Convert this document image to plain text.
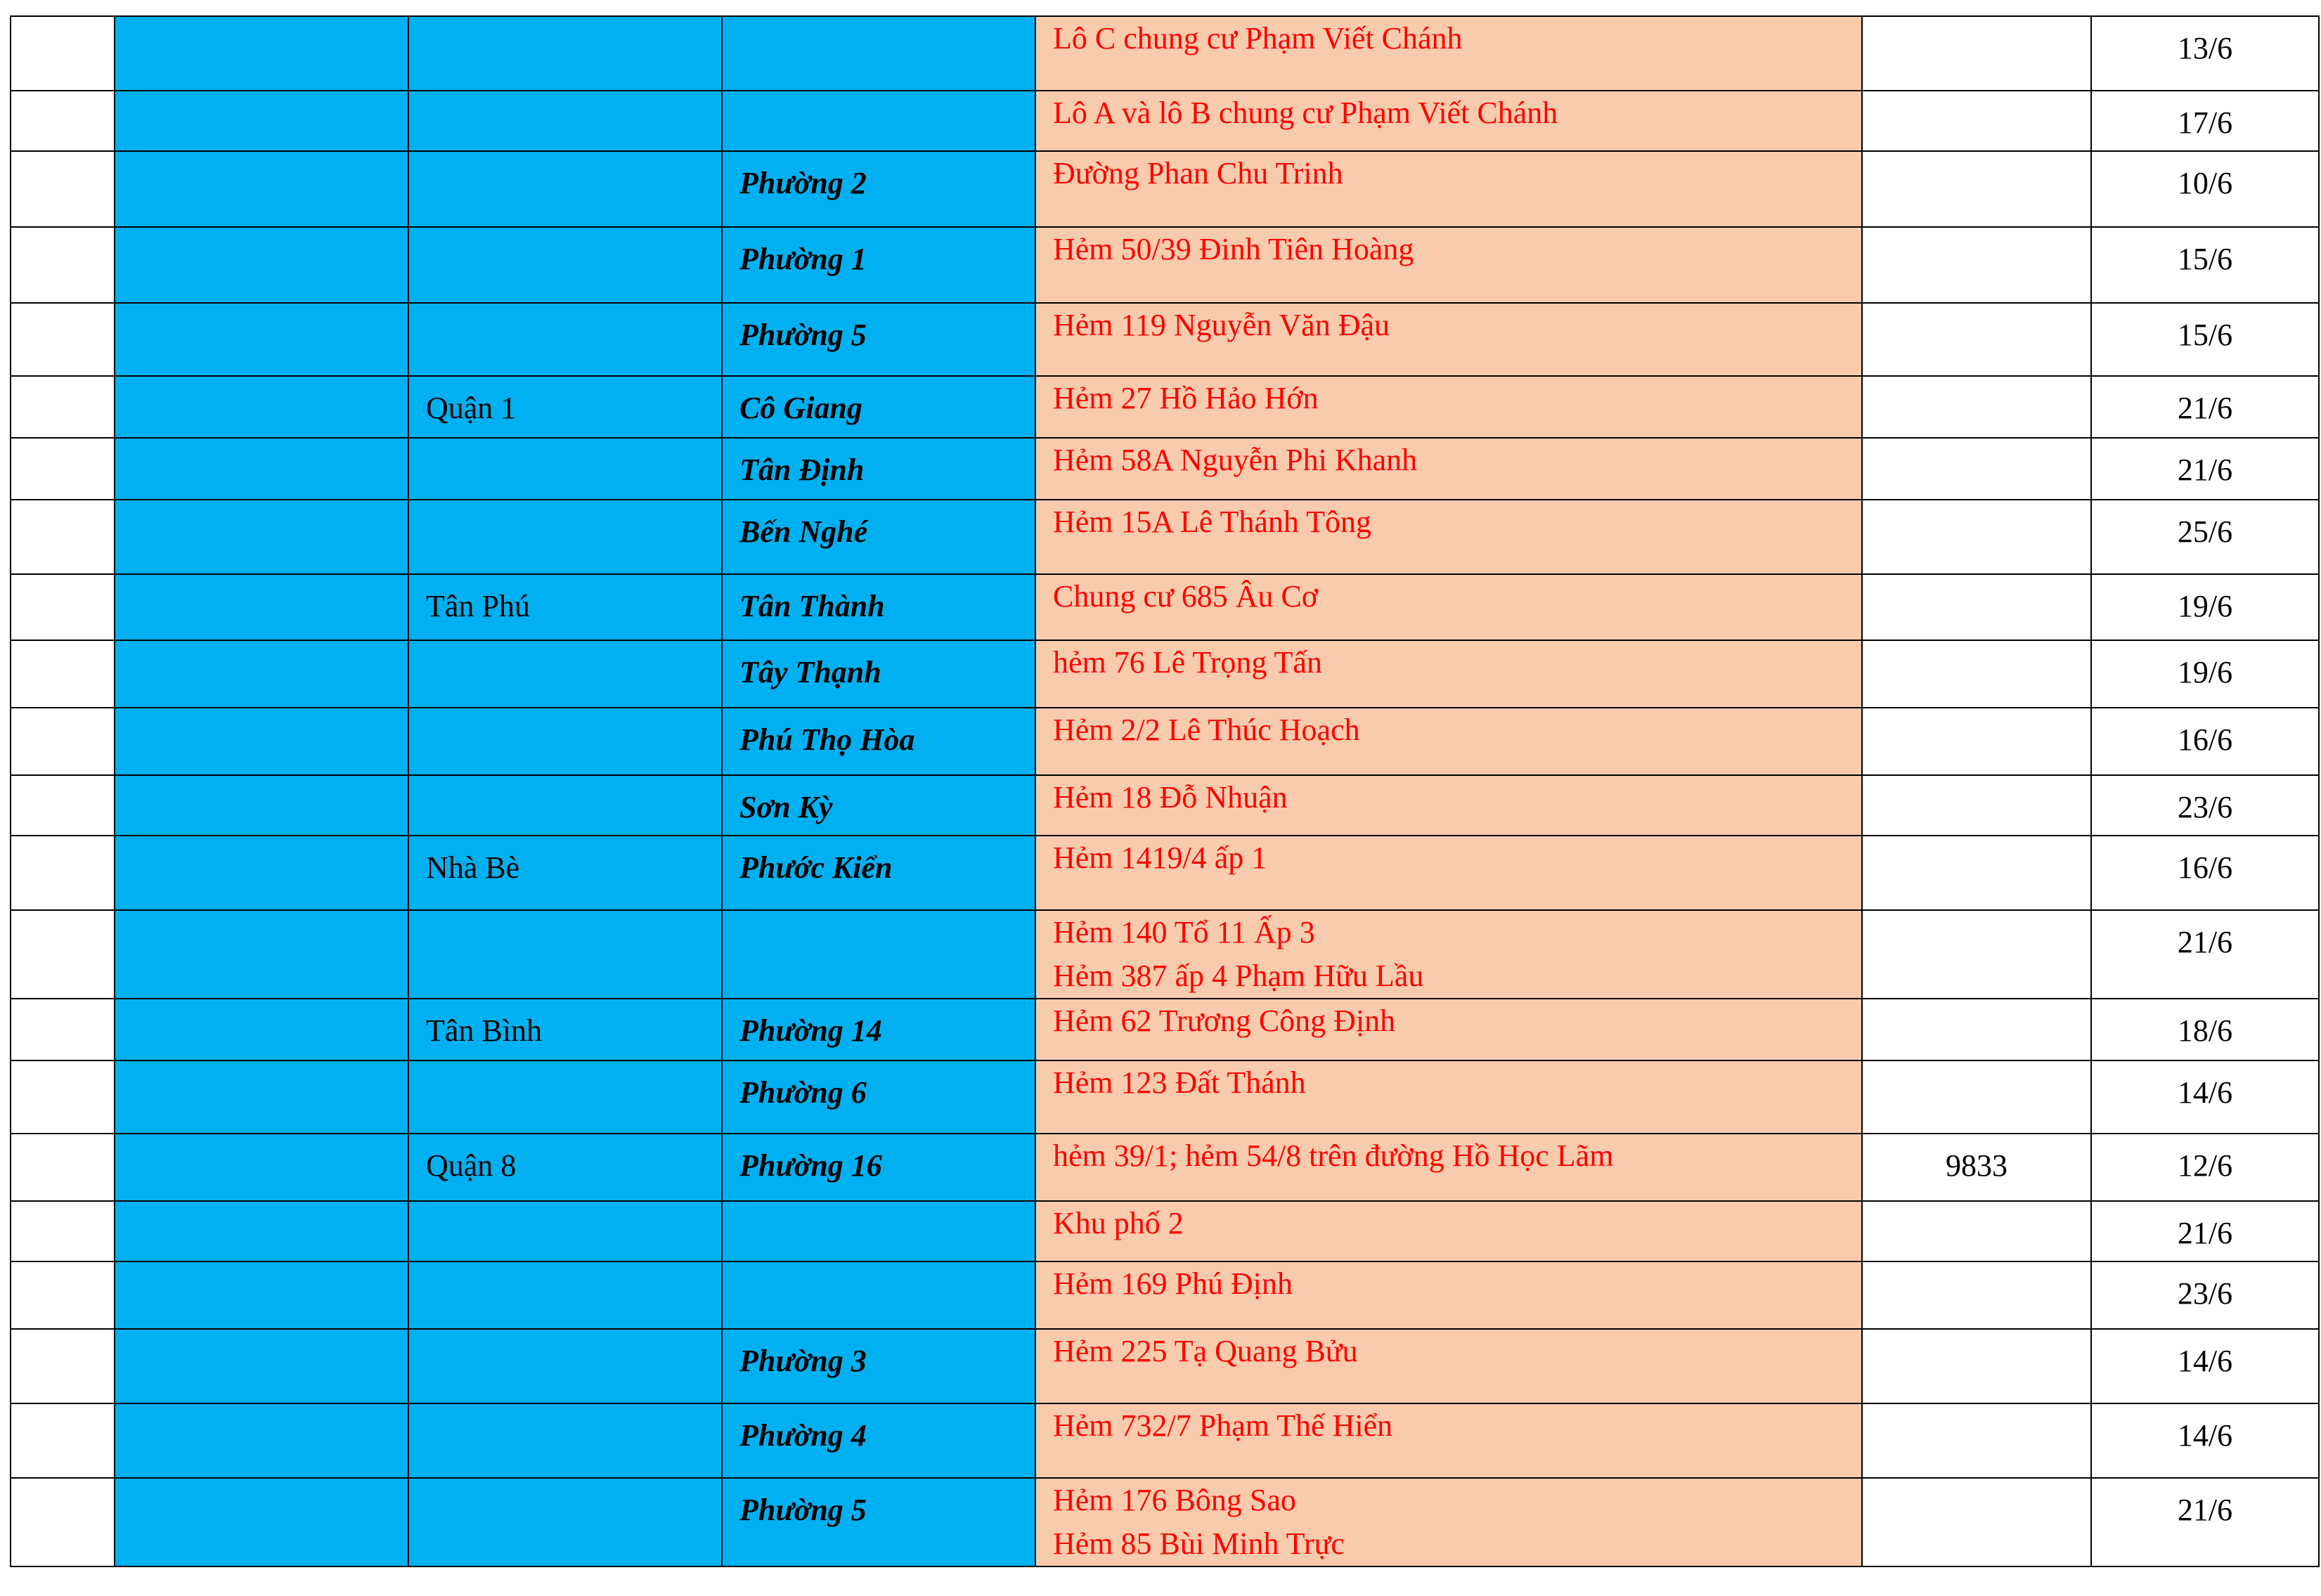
				Lô C chung cư Phạm Viết Chánh		13/6

				Lô A và lô B chung cư Phạm Viết Chánh		17/6

			Phường 2	Đường Phan Chu Trinh		10/6

			Phường 1	Hẻm 50/39 Đinh Tiên Hoàng		15/6

			Phường 5	Hẻm 119 Nguyễn Văn Đậu		15/6

		Quận 1	Cô Giang	Hẻm 27 Hồ Hảo Hớn		21/6

			Tân Định	Hẻm 58A Nguyễn Phi Khanh		21/6

			Bến Nghé	Hẻm 15A Lê Thánh Tông		25/6

		Tân Phú	Tân Thành	Chung cư 685 Âu Cơ		19/6

			Tây Thạnh	hẻm 76 Lê Trọng Tấn		19/6

			Phú Thọ Hòa	Hẻm 2/2 Lê Thúc Hoạch		16/6

			Sơn Kỳ	Hẻm 18 Đỗ Nhuận		23/6

		Nhà Bè	Phước Kiển	Hẻm 1419/4 ấp 1		16/6

				Hẻm 140 Tổ 11 Ấp 3
Hẻm 387 ấp 4 Phạm Hữu Lầu		21/6

		Tân Bình	Phường 14	Hẻm 62 Trương Công Định		18/6

			Phường 6	Hẻm 123 Đất Thánh		14/6

		Quận 8	Phường 16	hẻm 39/1; hẻm 54/8 trên đường Hồ Học Lãm	9833	12/6

				Khu phố 2		21/6

				Hẻm 169 Phú Định		23/6

			Phường 3	Hẻm 225 Tạ Quang Bửu		14/6

			Phường 4	Hẻm 732/7 Phạm Thế Hiển		14/6

			Phường 5	Hẻm 176 Bông Sao
Hẻm 85 Bùi Minh Trực		21/6
